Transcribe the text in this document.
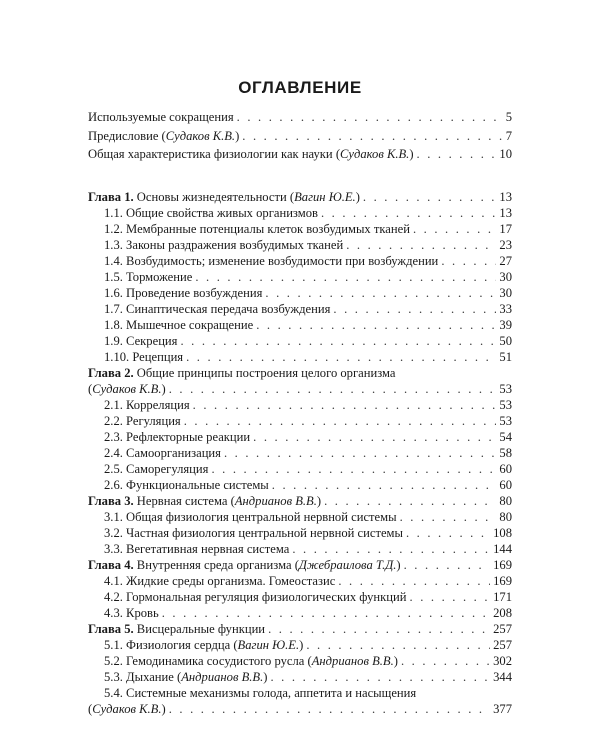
ОГЛАВЛЕНИЕ
Используемые сокращения . . .	5
Предисловие (Судаков К.В.) . . .	7
Общая характеристика физиологии как науки (Судаков К.В.) . . .	10
Глава 1. Основы жизнедеятельности (Вагин Ю.Е.) . . .	13
1.1. Общие свойства живых организмов . . .	13
1.2. Мембранные потенциалы клеток возбудимых тканей . . .	17
1.3. Законы раздражения возбудимых тканей . . .	23
1.4. Возбудимость; изменение возбудимости при возбуждении . . .	27
1.5. Торможение . . .	30
1.6. Проведение возбуждения . . .	30
1.7. Синаптическая передача возбуждения . . .	33
1.8. Мышечное сокращение . . .	39
1.9. Секреция . . .	50
1.10. Рецепция . . .	51
Глава 2. Общие принципы построения целого организма
(Судаков К.В.) . . .	53
2.1. Корреляция . . .	53
2.2. Регуляция . . .	53
2.3. Рефлекторные реакции . . .	54
2.4. Самоорганизация . . .	58
2.5. Саморегуляция . . .	60
2.6. Функциональные системы . . .	60
Глава 3. Нервная система (Андрианов В.В.) . . .	80
3.1. Общая физиология центральной нервной системы . . .	80
3.2. Частная физиология центральной нервной системы . . .	108
3.3. Вегетативная нервная система . . .	144
Глава 4. Внутренняя среда организма (Джебраилова Т.Д.) . . .	169
4.1. Жидкие среды организма. Гомеостазис . . .	169
4.2. Гормональная регуляция физиологических функций . . .	171
4.3. Кровь . . .	208
Глава 5. Висцеральные функции . . .	257
5.1. Физиология сердца (Вагин Ю.Е.) . . .	257
5.2. Гемодинамика сосудистого русла (Андрианов В.В.) . . .	302
5.3. Дыхание (Андрианов В.В.) . . .	344
5.4. Системные механизмы голода, аппетита и насыщения
(Судаков К.В.) . . .	377
